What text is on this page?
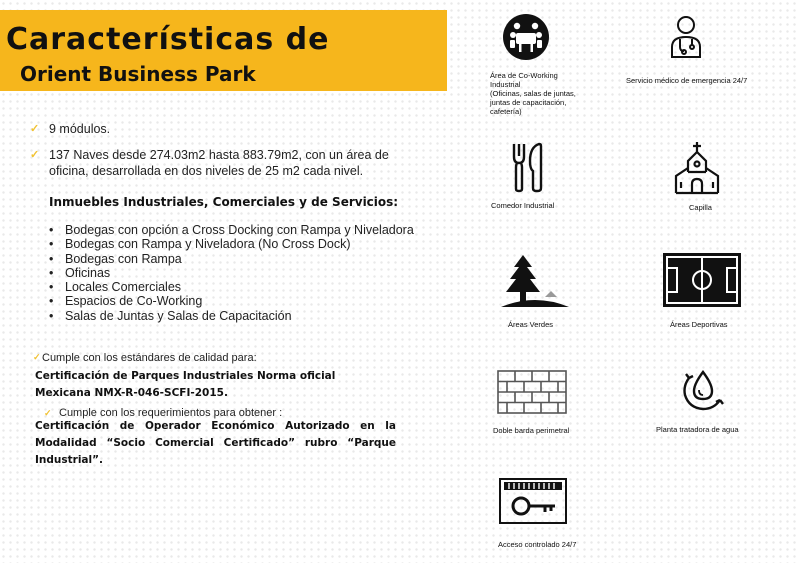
Características de
Orient Business Park
✓ 9 módulos.
✓ 137 Naves desde 274.03m2 hasta 883.79m2, con un área de
oficina, desarrollada en dos niveles de 25 m2 cada nivel.
Inmuebles Industriales, Comerciales y de Servicios:
• Bodegas con opción a Cross Docking con Rampa y Niveladora
• Bodegas con Rampa y Niveladora (No Cross Dock)
• Bodegas con Rampa
• Oficinas
• Locales Comerciales
• Espacios de Co-Working
• Salas de Juntas y Salas de Capacitación
✓ Cumple con los estándares de calidad para:
Certificación de Parques Industriales Norma oficial
Mexicana NMX-R-046-SCFI-2015.
✓ Cumple con los requerimientos para obtener :
Certificación de Operador Económico Autorizado en la Modalidad “Socio Comercial Certificado” rubro “Parque Industrial”.
Área de Co-Working
Industrial
(Oficinas, salas de juntas,
juntas de capacitación,
cafetería)
Servicio médico de emergencia 24/7
Comedor Industrial	Capilla
Áreas Verdes	Áreas Deportivas
Doble barda perimetral	Planta tratadora de agua
Acceso controlado 24/7
